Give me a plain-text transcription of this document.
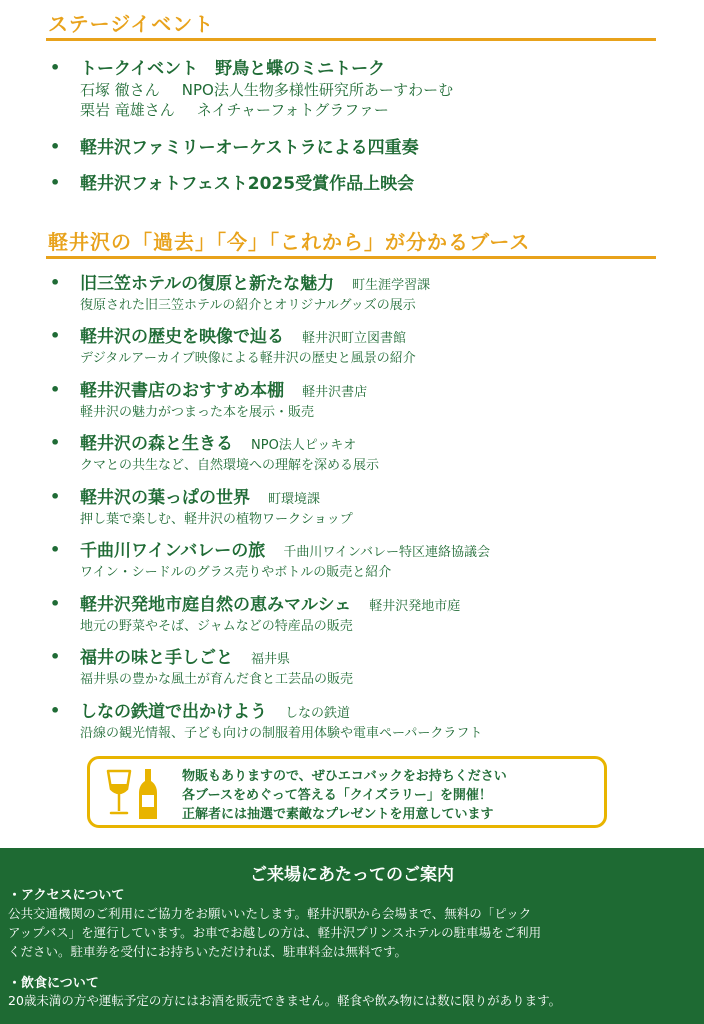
ステージイベント
• トークイベント　野鳥と蝶のミニトーク
石塚 徹さん NPO法人生物多様性研究所あーすわーむ
栗岩 竜雄さん ネイチャーフォトグラファー
• 軽井沢ファミリーオーケストラによる四重奏
• 軽井沢フォトフェスト2025受賞作品上映会
軽井沢の「過去」「今」「これから」が分かるブース
• 旧三笠ホテルの復原と新たな魅力 町生涯学習課
復原された旧三笠ホテルの紹介とオリジナルグッズの展示
• 軽井沢の歴史を映像で辿る 軽井沢町立図書館
デジタルアーカイブ映像による軽井沢の歴史と風景の紹介
• 軽井沢書店のおすすめ本棚 軽井沢書店
軽井沢の魅力がつまった本を展示・販売
• 軽井沢の森と生きる NPO法人ピッキオ
クマとの共生など、自然環境への理解を深める展示
• 軽井沢の葉っぱの世界 町環境課
押し葉で楽しむ、軽井沢の植物ワークショップ
• 千曲川ワインバレーの旅 千曲川ワインバレー特区連絡協議会
ワイン・シードルのグラス売りやボトルの販売と紹介
• 軽井沢発地市庭自然の恵みマルシェ 軽井沢発地市庭
地元の野菜やそば、ジャムなどの特産品の販売
• 福井の味と手しごと 福井県
福井県の豊かな風土が育んだ食と工芸品の販売
• しなの鉄道で出かけよう しなの鉄道
沿線の観光情報、子ども向けの制服着用体験や電車ペーパークラフト
物販もありますので、ぜひエコバックをお持ちください
各ブースをめぐって答える「クイズラリー」を開催！
正解者には抽選で素敵なプレゼントを用意しています
ご来場にあたってのご案内
・アクセスについて
公共交通機関のご利用にご協力をお願いいたします。軽井沢駅から会場まで、無料の「ピック
アップバス」を運行しています。お車でお越しの方は、軽井沢プリンスホテルの駐車場をご利用
ください。駐車券を受付にお持ちいただければ、駐車料金は無料です。
・飲食について
20歳未満の方や運転予定の方にはお酒を販売できません。軽食や飲み物には数に限りがあります。
